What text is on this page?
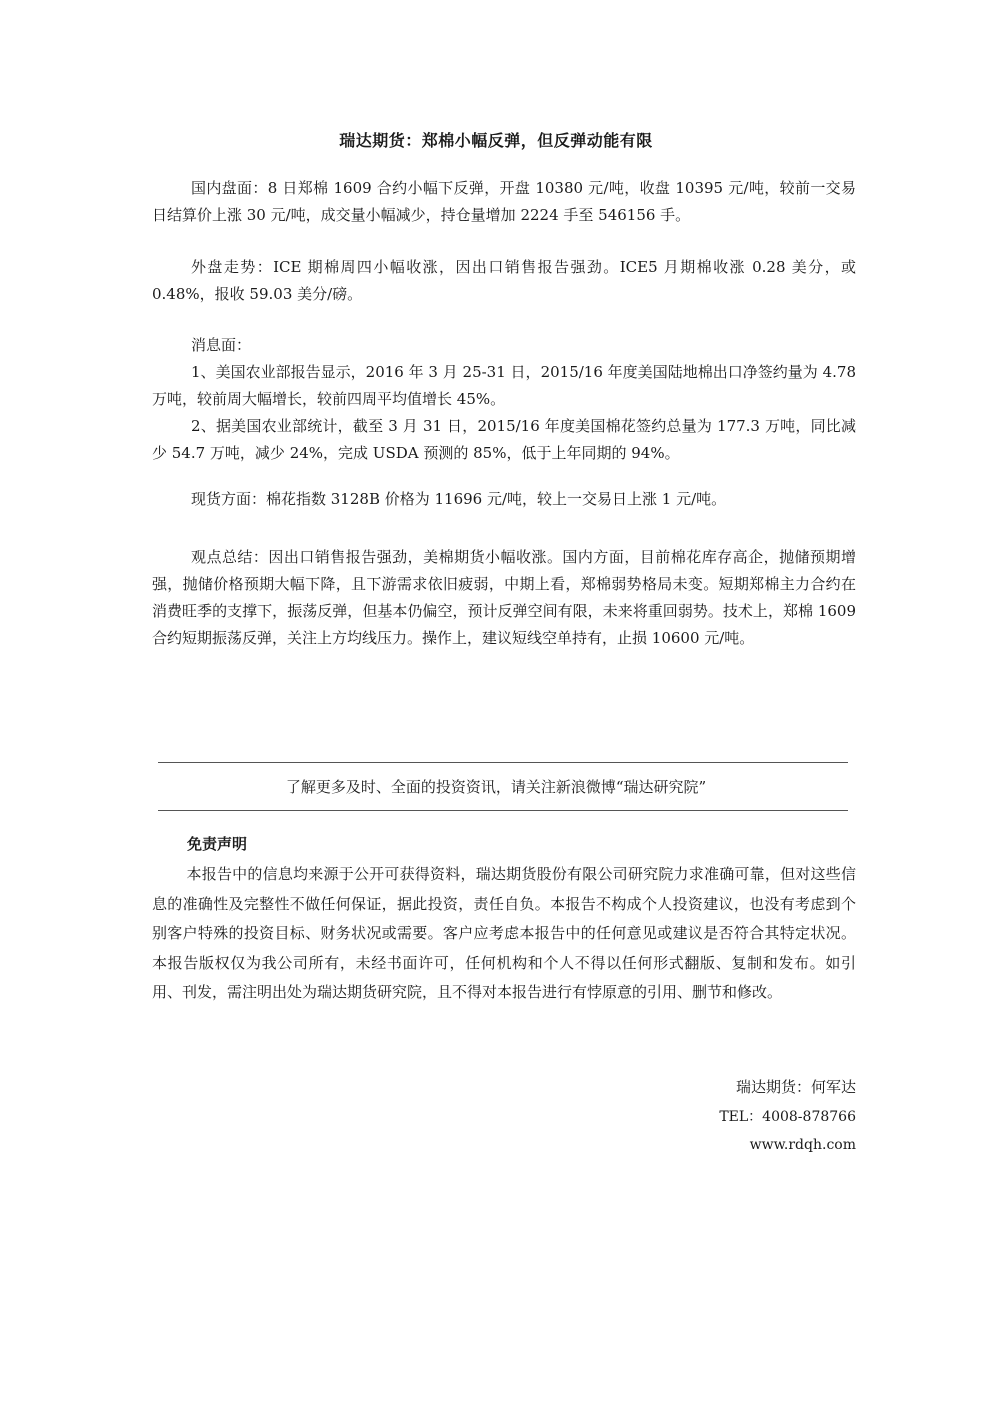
瑞达期货：郑棉小幅反弹，但反弹动能有限

国内盘面：8 日郑棉 1609 合约小幅下反弹，开盘 10380 元/吨，收盘 10395 元/吨，较前一交易日结算价上涨 30 元/吨，成交量小幅减少，持仓量增加 2224 手至 546156 手。

外盘走势：ICE 期棉周四小幅收涨，因出口销售报告强劲。ICE5 月期棉收涨 0.28 美分，或 0.48%，报收 59.03 美分/磅。

消息面：

1、美国农业部报告显示，2016 年 3 月 25-31 日，2015/16 年度美国陆地棉出口净签约量为 4.78 万吨，较前周大幅增长，较前四周平均值增长 45%。

2、据美国农业部统计，截至 3 月 31 日，2015/16 年度美国棉花签约总量为 177.3 万吨，同比减少 54.7 万吨，减少 24%，完成 USDA 预测的 85%，低于上年同期的 94%。

现货方面：棉花指数 3128B 价格为 11696 元/吨，较上一交易日上涨 1 元/吨。

观点总结：因出口销售报告强劲，美棉期货小幅收涨。国内方面，目前棉花库存高企，抛储预期增强，抛储价格预期大幅下降，且下游需求依旧疲弱，中期上看，郑棉弱势格局未变。短期郑棉主力合约在消费旺季的支撑下，振荡反弹，但基本仍偏空，预计反弹空间有限，未来将重回弱势。技术上，郑棉 1609 合约短期振荡反弹，关注上方均线压力。操作上，建议短线空单持有，止损 10600 元/吨。

了解更多及时、全面的投资资讯，请关注新浪微博“瑞达研究院”
免责声明

本报告中的信息均来源于公开可获得资料，瑞达期货股份有限公司研究院力求准确可靠，但对这些信息的准确性及完整性不做任何保证，据此投资，责任自负。本报告不构成个人投资建议，也没有考虑到个别客户特殊的投资目标、财务状况或需要。客户应考虑本报告中的任何意见或建议是否符合其特定状况。本报告版权仅为我公司所有，未经书面许可，任何机构和个人不得以任何形式翻版、复制和发布。如引用、刊发，需注明出处为瑞达期货研究院，且不得对本报告进行有悖原意的引用、删节和修改。

瑞达期货：何军达
TEL：4008-878766
www.rdqh.com
